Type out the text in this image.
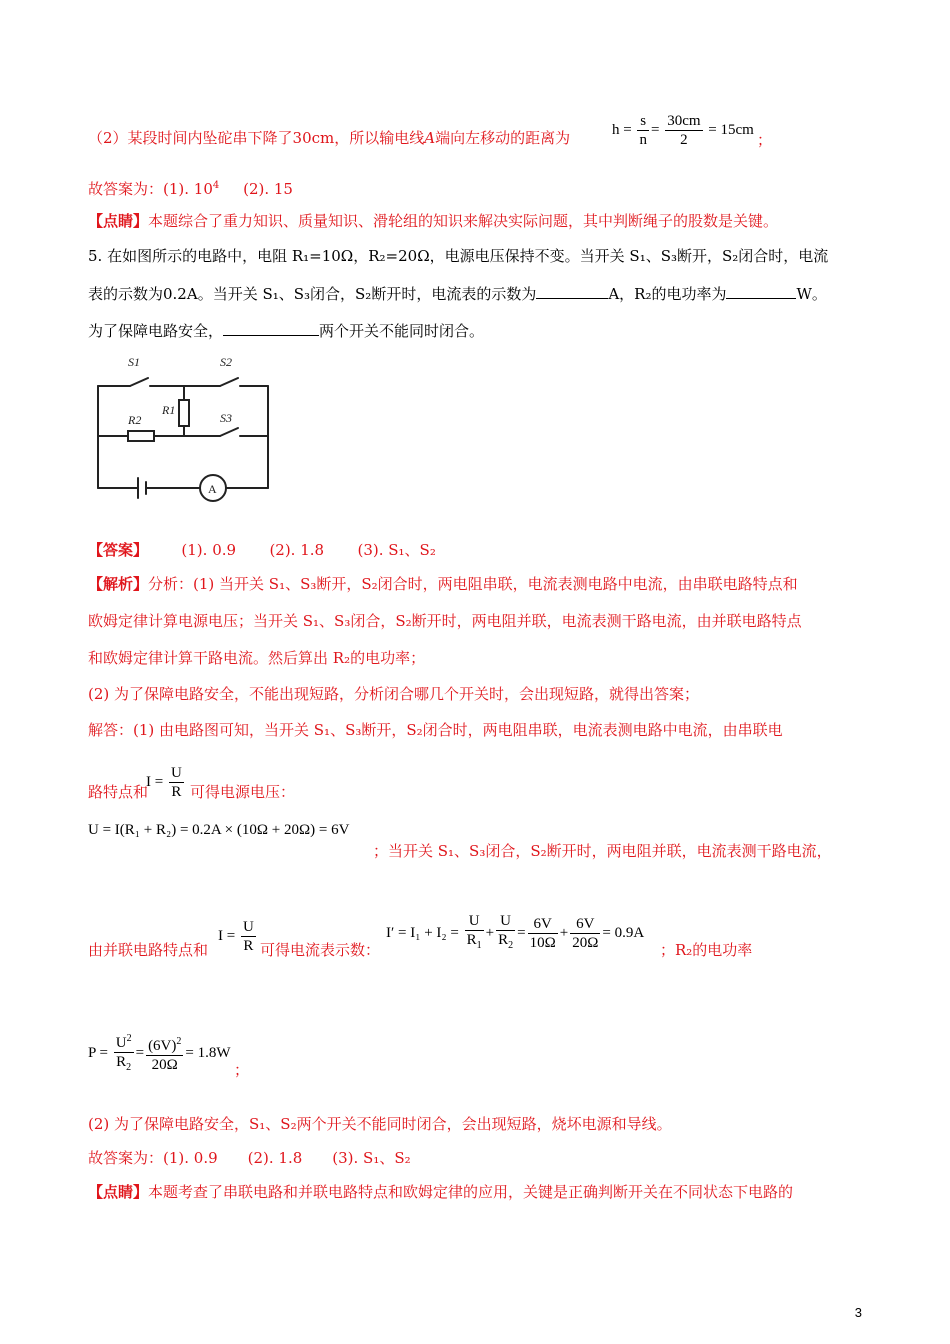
（2）某段时间内坠砣串下降了30cm，所以输电线A端向左移动的距离为	$h = \frac{s}{n} = \frac{30cm}{2} = 15cm$
；
故答案为：(1). $10^4$ (2). 15
【点睛】本题综合了重力知识、质量知识、滑轮组的知识来解决实际问题，其中判断绳子的股数是关键。
5. 在如图所示的电路中，电阻 R₁=10Ω，R₂=20Ω，电源电压保持不变。当开关 S₁、S₃断开，S₂闭合时，电流
表的示数为0.2A。当开关 S₁、S₃闭合，S₂断开时，电流表的示数为	A，R₂的电功率为	W。
为了保障电路安全，	两个开关不能同时闭合。
S1	S2
S3
R1
R2
A
【答案】 (1). 0.9 (2). 1.8 (3). S₁、S₂
【解析】分析：(1) 当开关 S₁、S₃断开，S₂闭合时，两电阻串联，电流表测电路中电流，由串联电路特点和
欧姆定律计算电源电压；当开关 S₁、S₃闭合，S₂断开时，两电阻并联，电流表测干路电流，由并联电路特点
和欧姆定律计算干路电流。然后算出 R₂的电功率；
(2) 为了保障电路安全，不能出现短路，分析闭合哪几个开关时，会出现短路，就得出答案；
解答：(1) 由电路图可知，当开关 S₁、S₃断开，S₂闭合时，两电阻串联，电流表测电路中电流，由串联电
路特点和
$I = \frac{U}{R}$ 可得电源电压：
U = I(R₁ + R₂) = 0.2A × (10Ω + 20Ω) = 6V
；当开关 S₁、S₃闭合，S₂断开时，两电阻并联，电流表测干路电流，
由并联电路特点和
$I = \frac{U}{R}$ 可得电流表示数：
I′ = I₁ + I₂ =
$\frac{U}{R_1} + \frac{U}{R_2} = \frac{6V}{10\Omega} + \frac{6V}{20\Omega} = 0.9A$
；R₂的电功率
P =
$\frac{U^2}{R_2} = \frac{(6V)^2}{20\Omega} = 1.8W$
；
(2) 为了保障电路安全，S₁、S₂两个开关不能同时闭合，会出现短路，烧坏电源和导线。
故答案为：(1). 0.9　　(2). 1.8　　(3). S₁、S₂
【点睛】本题考查了串联电路和并联电路特点和欧姆定律的应用，关键是正确判断开关在不同状态下电路的
3
